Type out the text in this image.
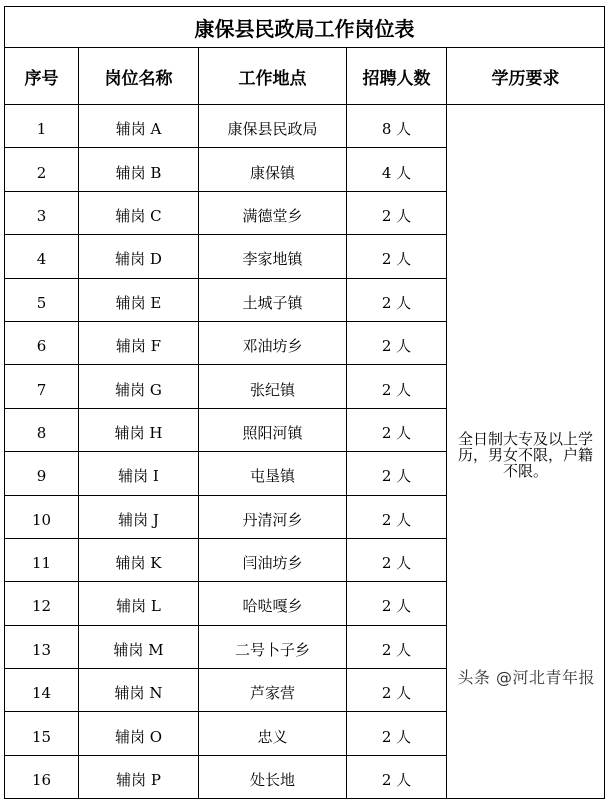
康保县民政局工作岗位表				
序号	岗位名称	工作地点	招聘人数	学历要求
1	辅岗 A	康保县民政局	8 人	全日制大专及以上学历，男女不限，户籍不限。
2	辅岗 B	康保镇	4 人	
3	辅岗 C	满德堂乡	2 人	
4	辅岗 D	李家地镇	2 人	
5	辅岗 E	土城子镇	2 人	
6	辅岗 F	邓油坊乡	2 人	
7	辅岗 G	张纪镇	2 人	
8	辅岗 H	照阳河镇	2 人	
9	辅岗 I	屯垦镇	2 人	
10	辅岗 J	丹清河乡	2 人	
11	辅岗 K	闫油坊乡	2 人	
12	辅岗 L	哈哒嘎乡	2 人	
13	辅岗 M	二号卜子乡	2 人	
14	辅岗 N	芦家营	2 人	
15	辅岗 O	忠义	2 人	
16	辅岗 P	处长地	2 人	
头条 @河北青年报
